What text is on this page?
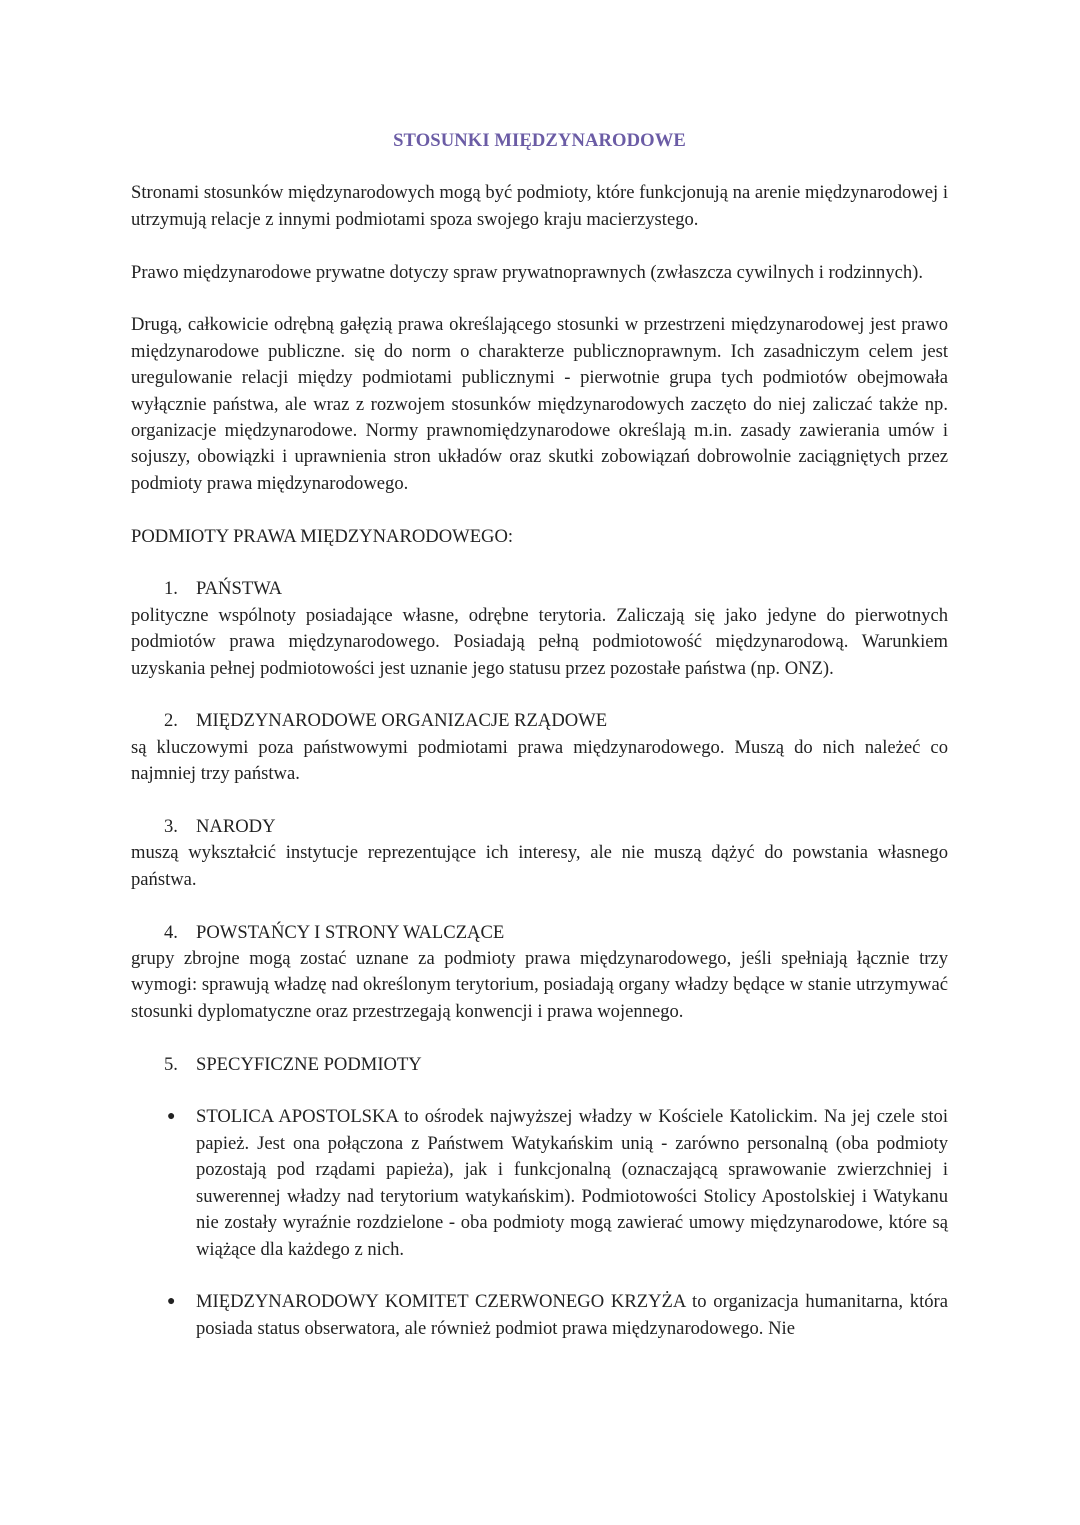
STOSUNKI MIĘDZYNARODOWE

Stronami stosunków międzynarodowych mogą być podmioty, które funkcjonują na arenie międzynarodowej i utrzymują relacje z innymi podmiotami spoza swojego kraju macierzystego.

Prawo międzynarodowe prywatne dotyczy spraw prywatnoprawnych (zwłaszcza cywilnych i rodzinnych).

Drugą, całkowicie odrębną gałęzią prawa określającego stosunki w przestrzeni międzynarodowej jest prawo międzynarodowe publiczne. się do norm o charakterze publicznoprawnym. Ich zasadniczym celem jest uregulowanie relacji między podmiotami publicznymi - pierwotnie grupa tych podmiotów obejmowała wyłącznie państwa, ale wraz z rozwojem stosunków międzynarodowych zaczęto do niej zaliczać także np. organizacje międzynarodowe. Normy prawnomiędzynarodowe określają m.in. zasady zawierania umów i sojuszy, obowiązki i uprawnienia stron układów oraz skutki zobowiązań dobrowolnie zaciągniętych przez podmioty prawa międzynarodowego.

PODMIOTY PRAWA MIĘDZYNARODOWEGO:
1. PAŃSTWA
polityczne wspólnoty posiadające własne, odrębne terytoria. Zaliczają się jako jedyne do pierwotnych podmiotów prawa międzynarodowego. Posiadają pełną podmiotowość międzynarodową. Warunkiem uzyskania pełnej podmiotowości jest uznanie jego statusu przez pozostałe państwa (np. ONZ).
2. MIĘDZYNARODOWE ORGANIZACJE RZĄDOWE
są kluczowymi poza państwowymi podmiotami prawa międzynarodowego. Muszą do nich należeć co najmniej trzy państwa.
3. NARODY
muszą wykształcić instytucje reprezentujące ich interesy, ale nie muszą dążyć do powstania własnego państwa.
4. POWSTAŃCY I STRONY WALCZĄCE
grupy zbrojne mogą zostać uznane za podmioty prawa międzynarodowego, jeśli spełniają łącznie trzy wymogi: sprawują władzę nad określonym terytorium, posiadają organy władzy będące w stanie utrzymywać stosunki dyplomatyczne oraz przestrzegają konwencji i prawa wojennego.
5. SPECYFICZNE PODMIOTY
● STOLICA APOSTOLSKA to ośrodek najwyższej władzy w Kościele Katolickim. Na jej czele stoi papież. Jest ona połączona z Państwem Watykańskim unią - zarówno personalną (oba podmioty pozostają pod rządami papieża), jak i funkcjonalną (oznaczającą sprawowanie zwierzchniej i suwerennej władzy nad terytorium watykańskim). Podmiotowości Stolicy Apostolskiej i Watykanu nie zostały wyraźnie rozdzielone - oba podmioty mogą zawierać umowy międzynarodowe, które są wiążące dla każdego z nich.
● MIĘDZYNARODOWY KOMITET CZERWONEGO KRZYŻA to organizacja humanitarna, która posiada status obserwatora, ale również podmiot prawa międzynarodowego. Nie
